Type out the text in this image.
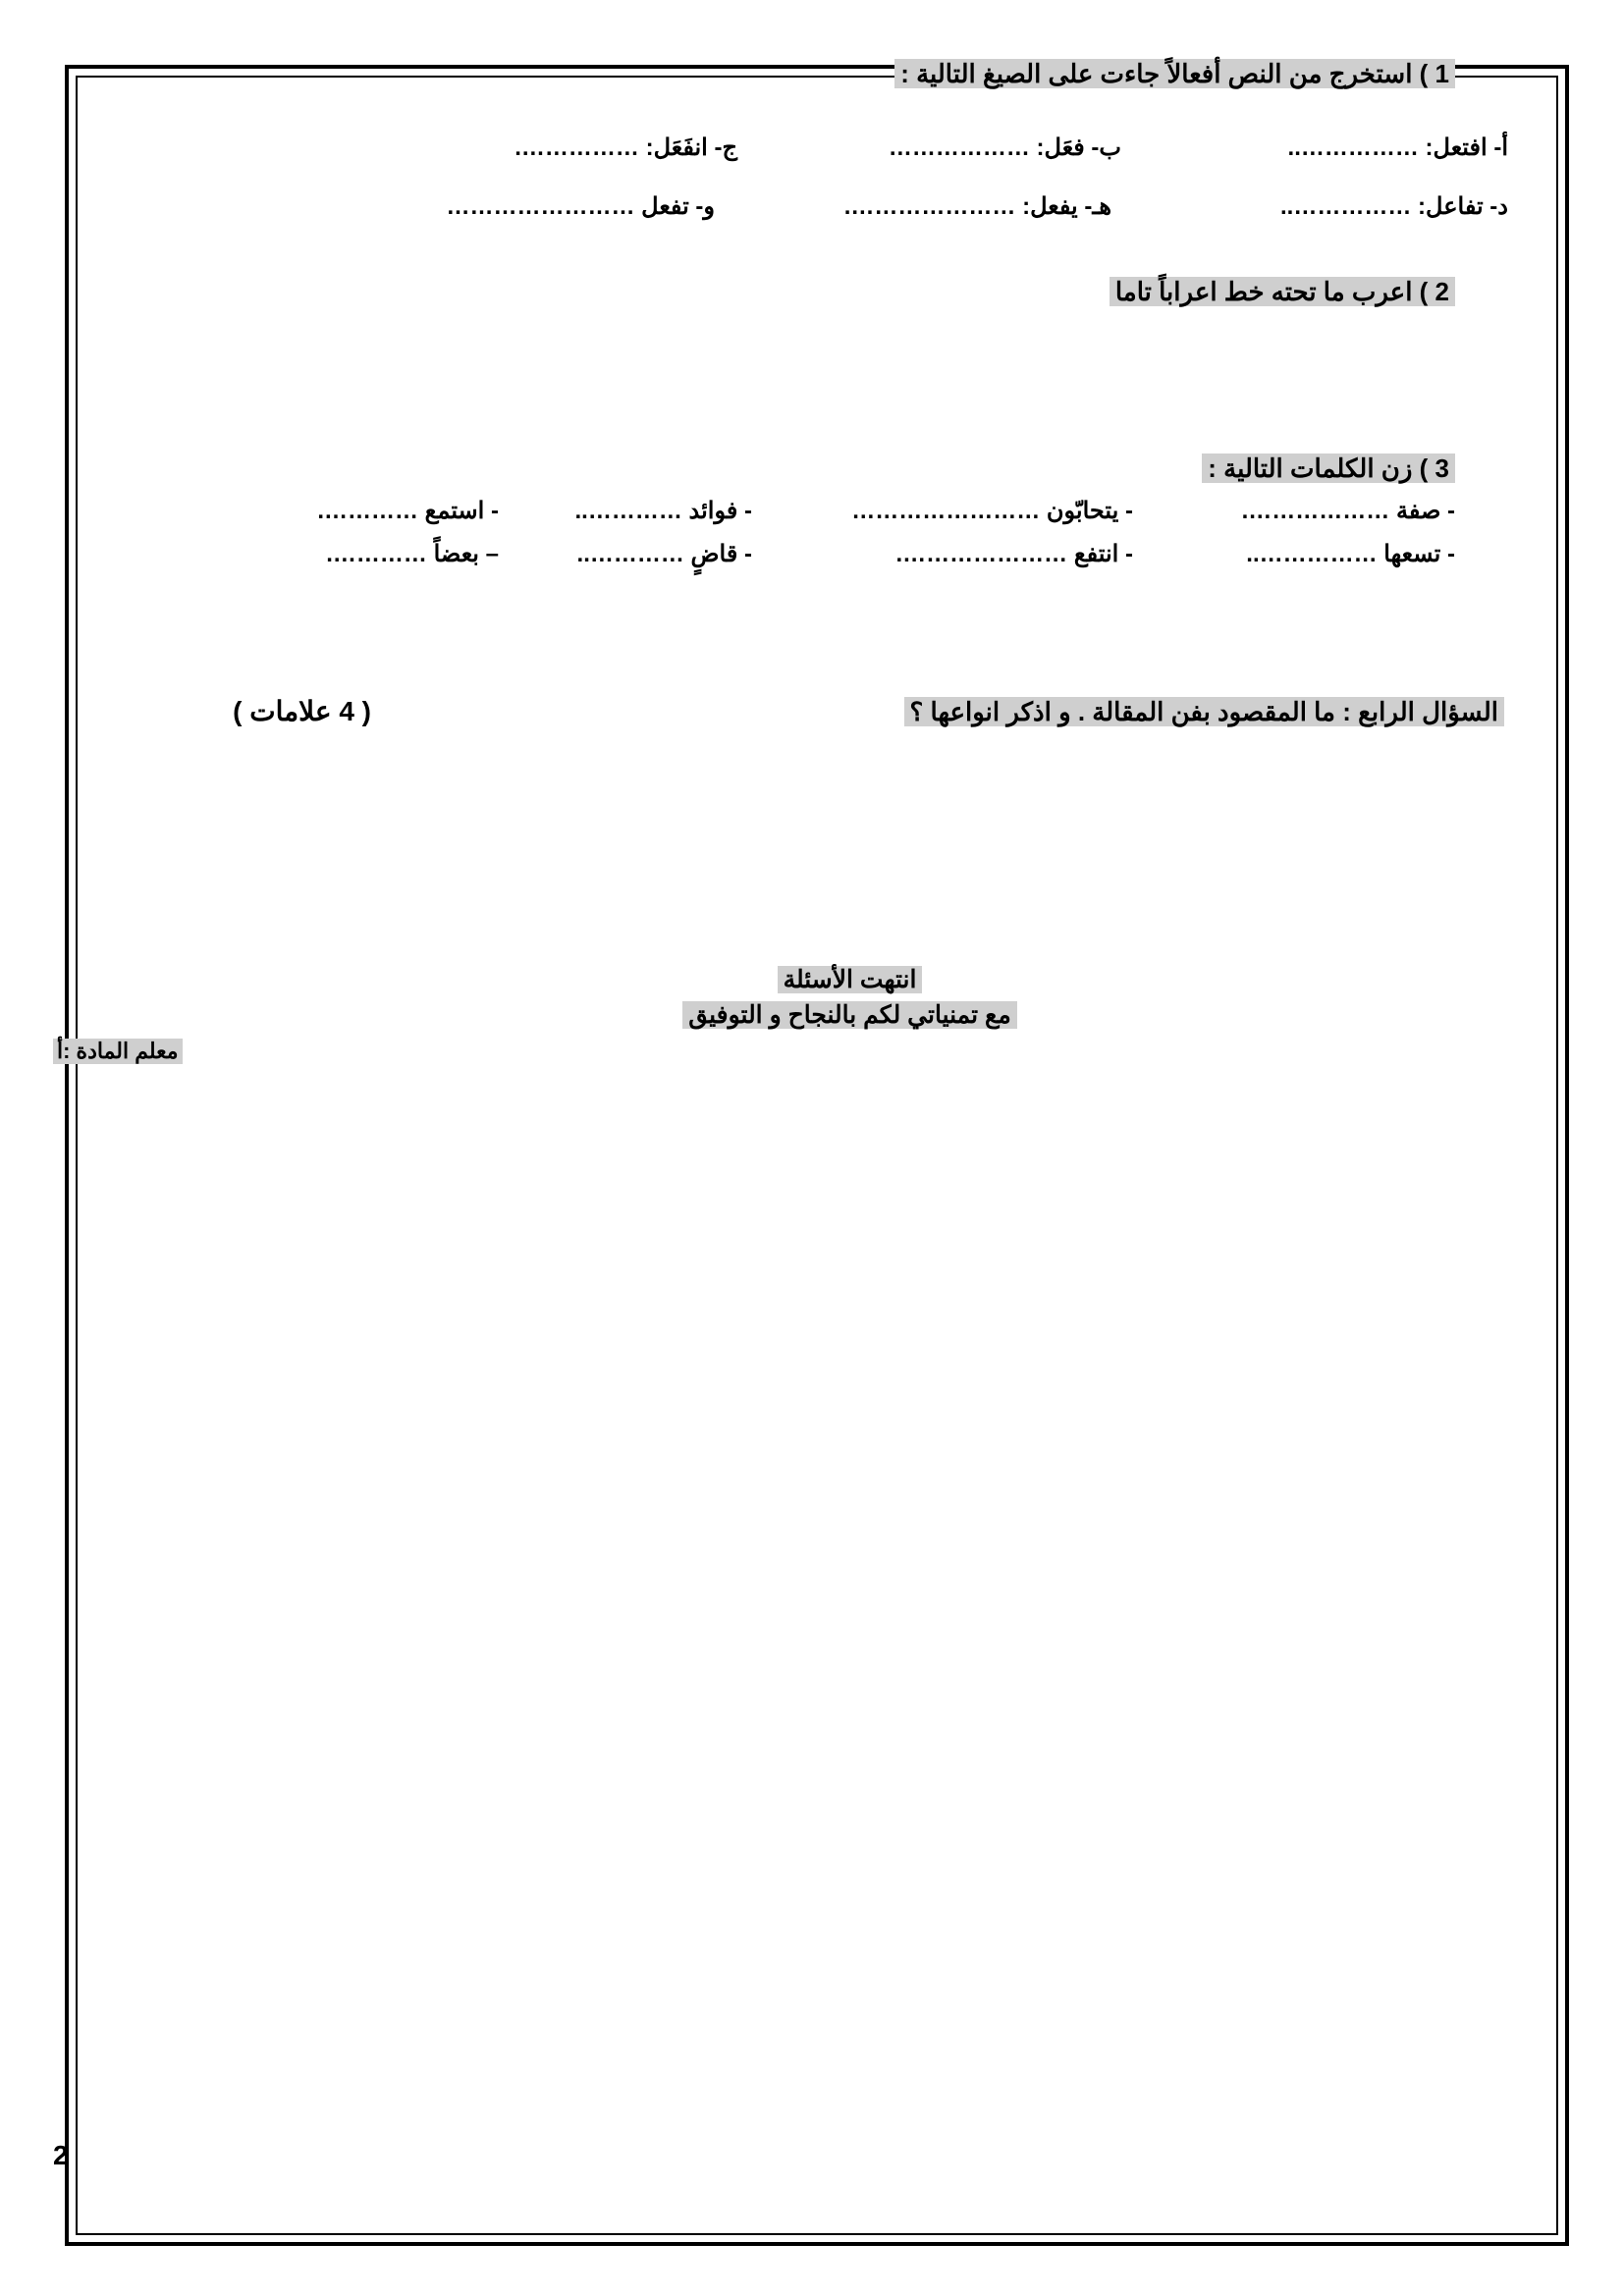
1 ) استخرج من النص أفعالاً جاءت على الصيغ التالية :
أ- افتعل: ……………..
ب- فعَل: ………………
ج- انفَعَل: …………….
د- تفاعل: ……………..
هـ- يفعل: ………………….
و- تفعل ……………………
2 ) اعرب ما تحته خط اعراباً تاما
3 ) زن الكلمات التالية :
- صفة ……………….
- يتحابّون ……………………
- فوائد …………..
- استمع ………….
- تسعها ……………..
- انتفع ………………….
- قاضٍ …………..
– بعضاً ………….
السؤال الرابع : ما المقصود بفن المقالة . و اذكر انواعها ؟
( 4 علامات )
انتهت الأسئلة
مع تمنياتي لكم بالنجاح و التوفيق
معلم المادة :أ
2
